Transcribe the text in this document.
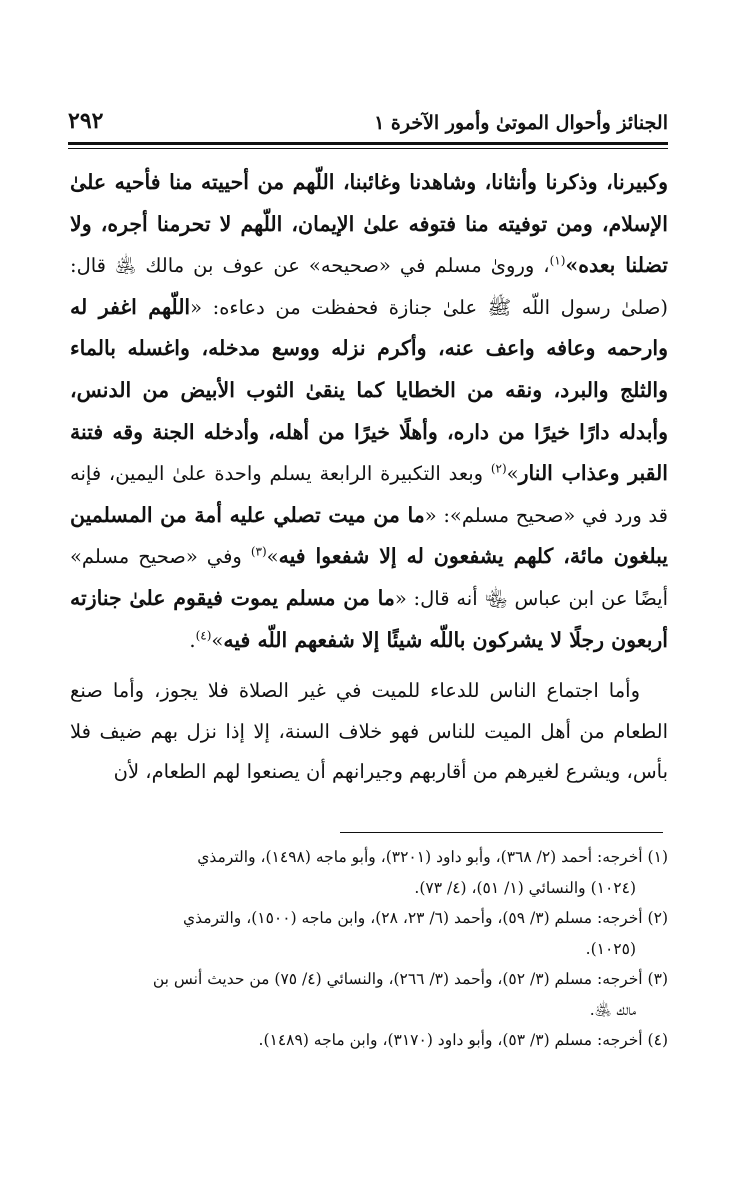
الجنائز وأحوال الموتىٰ وأمور الآخرة ١
٢٩٢

وكبيرنا، وذكرنا وأنثانا، وشاهدنا وغائبنا، اللّهم من أحييته منا فأحيه علىٰ الإسلام، ومن توفيته منا فتوفه علىٰ الإيمان، اللّهم لا تحرمنا أجره، ولا تضلنا بعده»$^{(١)}$، ورویٰ مسلم في «صحيحه» عن عوف بن مالك ﵁ قال: (صلىٰ رسول اللّه ﷺ علىٰ جنازة فحفظت من دعاءه: «اللّهم اغفر له وارحمه وعافه واعف عنه، وأكرم نزله ووسع مدخله، واغسله بالماء والثلج والبرد، ونقه من الخطايا كما ينقىٰ الثوب الأبيض من الدنس، وأبدله دارًا خيرًا من داره، وأهلًا خيرًا من أهله، وأدخله الجنة وقه فتنة القبر وعذاب النار»$^{(٢)}$ وبعد التكبيرة الرابعة يسلم واحدة علىٰ اليمين، فإنه قد ورد في «صحيح مسلم»: «ما من ميت تصلي عليه أمة من المسلمين يبلغون مائة، كلهم يشفعون له إلا شفعوا فيه»$^{(٣)}$ وفي «صحيح مسلم» أيضًا عن ابن عباس ﵄ أنه قال: «ما من مسلم يموت فيقوم علىٰ جنازته أربعون رجلًا لا يشركون باللّه شيئًا إلا شفعهم اللّه فيه»$^{(٤)}$.

وأما اجتماع الناس للدعاء للميت في غير الصلاة فلا يجوز، وأما صنع الطعام من أهل الميت للناس فهو خلاف السنة، إلا إذا نزل بهم ضيف فلا بأس، ويشرع لغيرهم من أقاربهم وجيرانهم أن يصنعوا لهم الطعام، لأن

(١) أخرجه: أحمد (٢/ ٣٦٨)، وأبو داود (٣٢٠١)، وأبو ماجه (١٤٩٨)، والترمذي
(١٠٢٤) والنسائي (١/ ٥١)، (٤/ ٧٣).

(٢) أخرجه: مسلم (٣/ ٥٩)، وأحمد (٦/ ٢٣، ٢٨)، وابن ماجه (١٥٠٠)، والترمذي
(١٠٢٥).

(٣) أخرجه: مسلم (٣/ ٥٢)، وأحمد (٣/ ٢٦٦)، والنسائي (٤/ ٧٥) من حديث أنس بن
مالك ﵁.

(٤) أخرجه: مسلم (٣/ ٥٣)، وأبو داود (٣١٧٠)، وابن ماجه (١٤٨٩).
